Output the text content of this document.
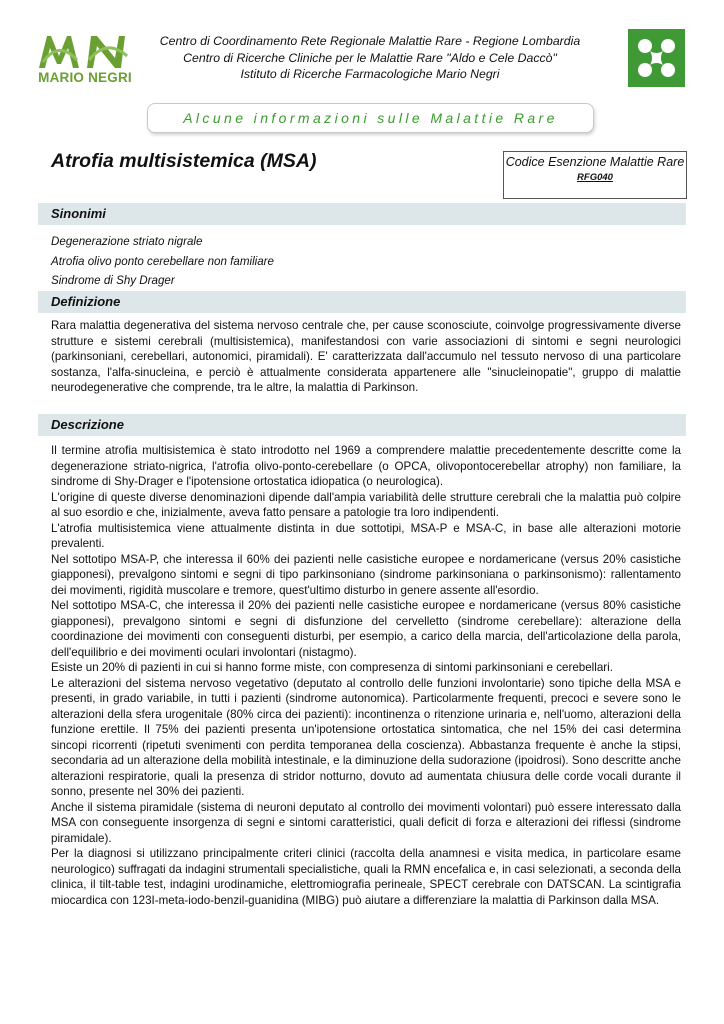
MARIO NEGRI
Centro di Coordinamento Rete Regionale Malattie Rare - Regione Lombardia
Centro di Ricerche Cliniche per le Malattie Rare "Aldo e Cele Daccò"
Istituto di Ricerche Farmacologiche Mario Negri
Alcune informazioni sulle Malattie Rare
Atrofia multisistemica (MSA)	Codice Esenzione Malattie Rare
RFG040
Sinonimi
Degenerazione striato nigrale
Atrofia olivo ponto cerebellare non familiare
Sindrome di Shy Drager
Definizione

Rara malattia degenerativa del sistema nervoso centrale che, per cause sconosciute, coinvolge progressivamente diverse strutture e sistemi cerebrali (multisistemica), manifestandosi con varie associazioni di sintomi e segni neurologici (parkinsoniani, cerebellari, autonomici, piramidali). E' caratterizzata dall'accumulo nel tessuto nervoso di una particolare sostanza, l'alfa-sinucleina, e perciò è attualmente considerata appartenere alle "sinucleinopatie", gruppo di malattie neurodegenerative che comprende, tra le altre, la malattia di Parkinson.

Descrizione

Il termine atrofia multisistemica è stato introdotto nel 1969 a comprendere malattie precedentemente descritte come la degenerazione striato-nigrica, l'atrofia olivo-ponto-cerebellare (o OPCA, olivopontocerebellar atrophy) non familiare, la sindrome di Shy-Drager e l'ipotensione ortostatica idiopatica (o neurologica).

L'origine di queste diverse denominazioni dipende dall'ampia variabilità delle strutture cerebrali che la malattia può colpire al suo esordio e che, inizialmente, aveva fatto pensare a patologie tra loro indipendenti.

L'atrofia multisistemica viene attualmente distinta in due sottotipi, MSA-P e MSA-C, in base alle alterazioni motorie prevalenti.

Nel sottotipo MSA-P, che interessa il 60% dei pazienti nelle casistiche europee e nordamericane (versus 20% casistiche giapponesi), prevalgono sintomi e segni di tipo parkinsoniano (sindrome parkinsoniana o parkinsonismo): rallentamento dei movimenti, rigidità muscolare e tremore, quest'ultimo disturbo in genere assente all'esordio.

Nel sottotipo MSA-C, che interessa il 20% dei pazienti nelle casistiche europee e nordamericane (versus 80% casistiche giapponesi), prevalgono sintomi e segni di disfunzione del cervelletto (sindrome cerebellare): alterazione della coordinazione dei movimenti con conseguenti disturbi, per esempio, a carico della marcia, dell'articolazione della parola, dell'equilibrio e dei movimenti oculari involontari (nistagmo).

Esiste un 20% di pazienti in cui si hanno forme miste, con compresenza di sintomi parkinsoniani e cerebellari.

Le alterazioni del sistema nervoso vegetativo (deputato al controllo delle funzioni involontarie) sono tipiche della MSA e presenti, in grado variabile, in tutti i pazienti (sindrome autonomica). Particolarmente frequenti, precoci e severe sono le alterazioni della sfera urogenitale (80% circa dei pazienti): incontinenza o ritenzione urinaria e, nell'uomo, alterazioni della funzione erettile. Il 75% dei pazienti presenta un'ipotensione ortostatica sintomatica, che nel 15% dei casi determina sincopi ricorrenti (ripetuti svenimenti con perdita temporanea della coscienza). Abbastanza frequente è anche la stipsi, secondaria ad un alterazione della mobilità intestinale, e la diminuzione della sudorazione (ipoidrosi). Sono descritte anche alterazioni respiratorie, quali la presenza di stridor notturno, dovuto ad aumentata chiusura delle corde vocali durante il sonno, presente nel 30% dei pazienti.

Anche il sistema piramidale (sistema di neuroni deputato al controllo dei movimenti volontari) può essere interessato dalla MSA con conseguente insorgenza di segni e sintomi caratteristici, quali deficit di forza e alterazioni dei riflessi (sindrome piramidale).

Per la diagnosi si utilizzano principalmente criteri clinici (raccolta della anamnesi e visita medica, in particolare esame neurologico) suffragati da indagini strumentali specialistiche, quali la RMN encefalica e, in casi selezionati, a seconda della clinica, il tilt-table test, indagini urodinamiche, elettromiografia perineale, SPECT cerebrale con DATSCAN. La scintigrafia miocardica con 123I-meta-iodo-benzil-guanidina (MIBG) può aiutare a differenziare la malattia di Parkinson dalla MSA.
